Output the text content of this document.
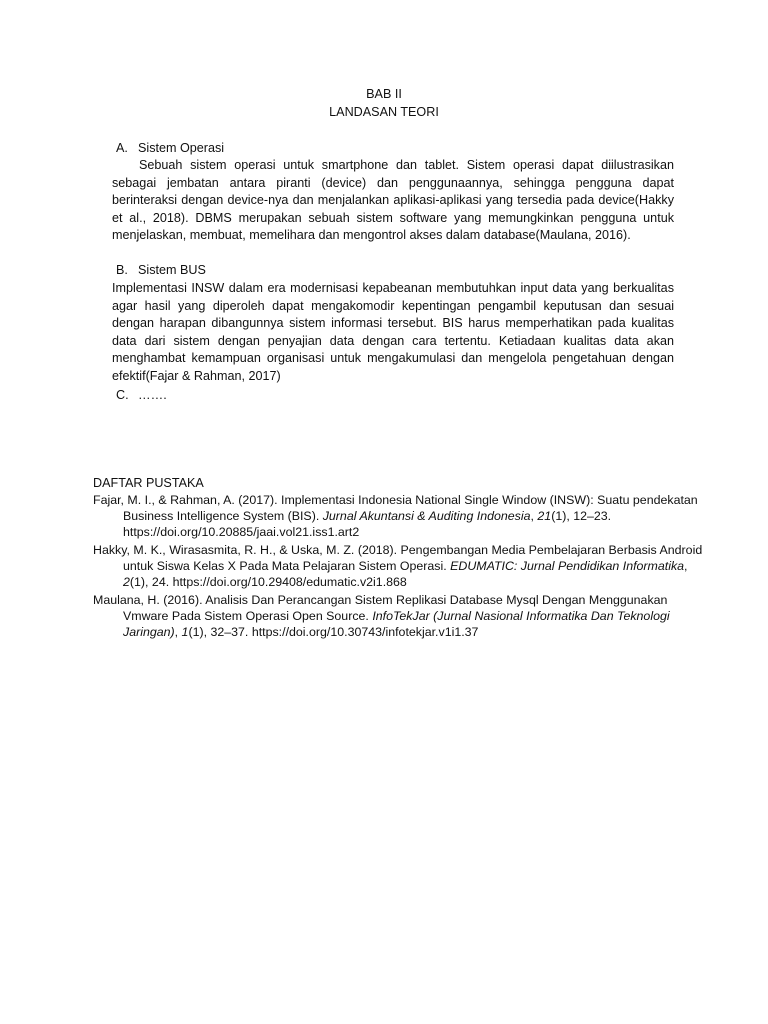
BAB II
LANDASAN TEORI
A. Sistem Operasi

Sebuah sistem operasi untuk smartphone dan tablet. Sistem operasi dapat diilustrasikan sebagai jembatan antara piranti (device) dan penggunaannya, sehingga pengguna dapat berinteraksi dengan device-nya dan menjalankan aplikasi-aplikasi yang tersedia pada device(Hakky et al., 2018). DBMS merupakan sebuah sistem software yang memungkinkan pengguna untuk menjelaskan, membuat, memelihara dan mengontrol akses dalam database(Maulana, 2016).

B. Sistem BUS

Implementasi INSW dalam era modernisasi kepabeanan membutuhkan input data yang berkualitas agar hasil yang diperoleh dapat mengakomodir kepentingan pengambil keputusan dan sesuai dengan harapan dibangunnya sistem informasi tersebut. BIS harus memperhatikan pada kualitas data dari sistem dengan penyajian data dengan cara tertentu. Ketiadaan kualitas data akan menghambat kemampuan organisasi untuk mengakumulasi dan mengelola pengetahuan dengan efektif(Fajar & Rahman, 2017)

C. …….
DAFTAR PUSTAKA

Fajar, M. I., & Rahman, A. (2017). Implementasi Indonesia National Single Window (INSW): Suatu pendekatan Business Intelligence System (BIS). Jurnal Akuntansi & Auditing Indonesia, 21(1), 12–23. https://doi.org/10.20885/jaai.vol21.iss1.art2

Hakky, M. K., Wirasasmita, R. H., & Uska, M. Z. (2018). Pengembangan Media Pembelajaran Berbasis Android untuk Siswa Kelas X Pada Mata Pelajaran Sistem Operasi. EDUMATIC: Jurnal Pendidikan Informatika, 2(1), 24. https://doi.org/10.29408/edumatic.v2i1.868

Maulana, H. (2016). Analisis Dan Perancangan Sistem Replikasi Database Mysql Dengan Menggunakan Vmware Pada Sistem Operasi Open Source. InfoTekJar (Jurnal Nasional Informatika Dan Teknologi Jaringan), 1(1), 32–37. https://doi.org/10.30743/infotekjar.v1i1.37
